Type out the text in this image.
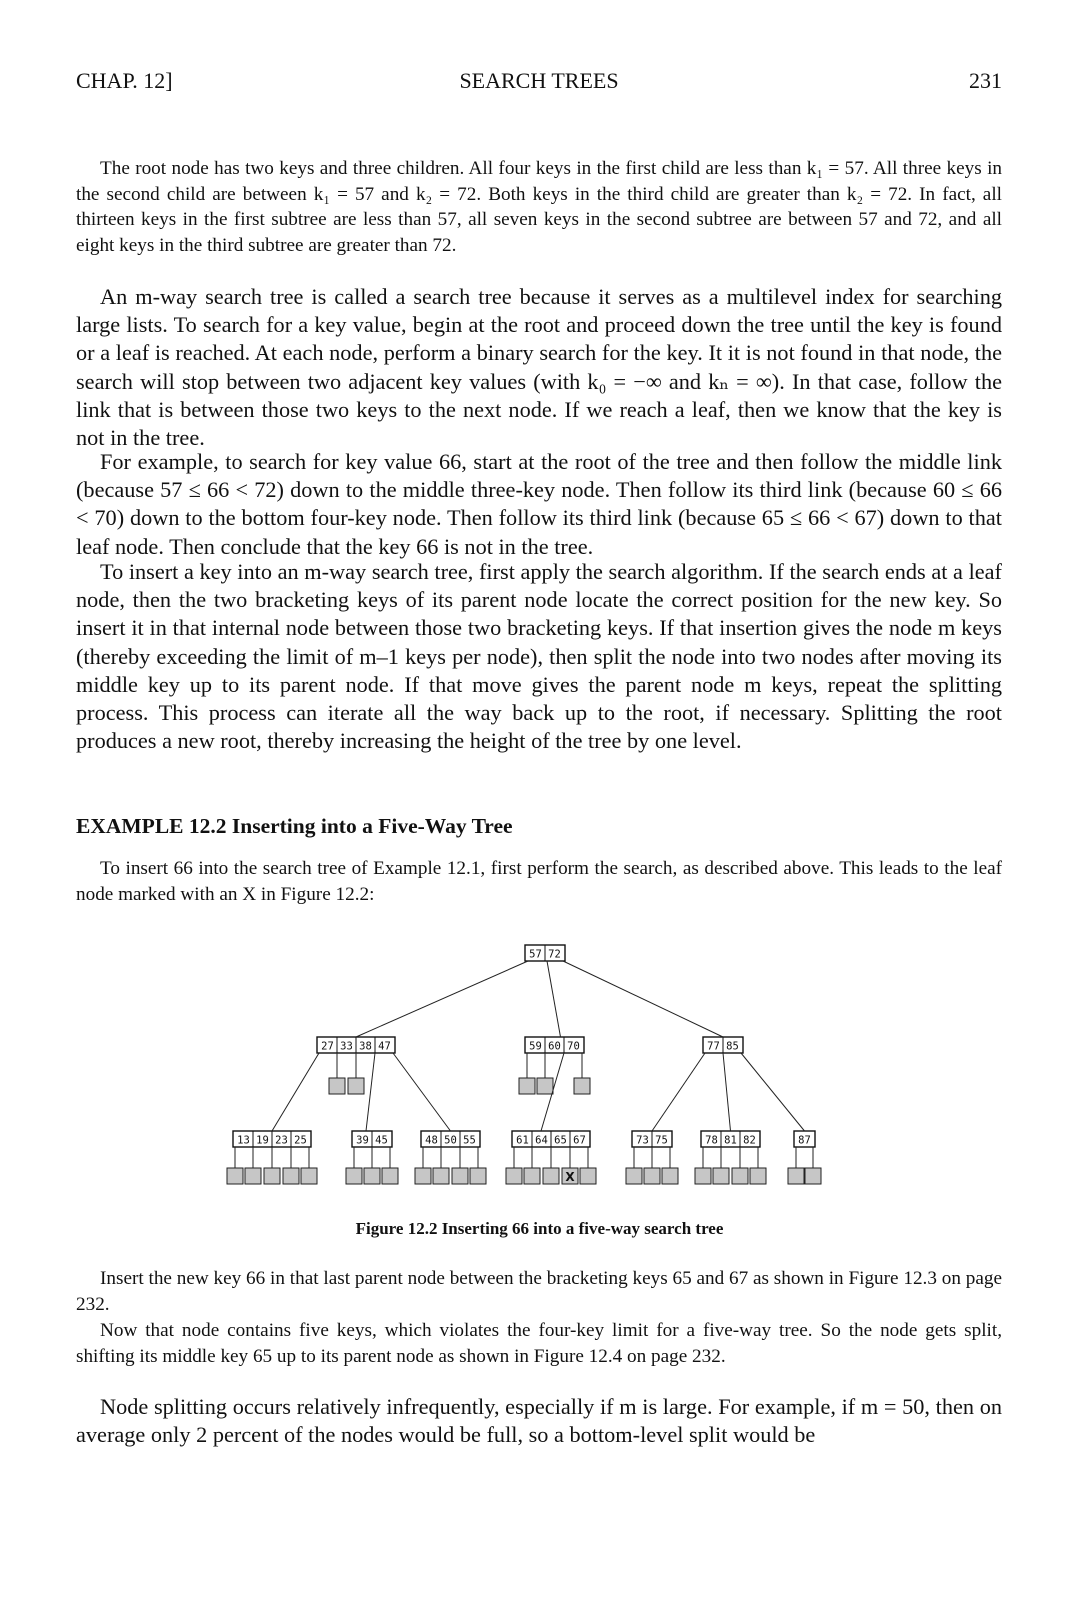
CHAP. 12]	SEARCH TREES	231

The root node has two keys and three children. All four keys in the first child are less than k₁ = 57. All three keys in the second child are between k₁ = 57 and k₂ = 72. Both keys in the third child are greater than k₂ = 72. In fact, all thirteen keys in the first subtree are less than 57, all seven keys in the second subtree are between 57 and 72, and all eight keys in the third subtree are greater than 72.

An m-way search tree is called a search tree because it serves as a multilevel index for searching large lists. To search for a key value, begin at the root and proceed down the tree until the key is found or a leaf is reached. At each node, perform a binary search for the key. It it is not found in that node, the search will stop between two adjacent key values (with k₀ = −∞ and kₙ = ∞). In that case, follow the link that is between those two keys to the next node. If we reach a leaf, then we know that the key is not in the tree.

For example, to search for key value 66, start at the root of the tree and then follow the middle link (because 57 ≤ 66 < 72) down to the middle three-key node. Then follow its third link (because 60 ≤ 66 < 70) down to the bottom four-key node. Then follow its third link (because 65 ≤ 66 < 67) down to that leaf node. Then conclude that the key 66 is not in the tree.

To insert a key into an m-way search tree, first apply the search algorithm. If the search ends at a leaf node, then the two bracketing keys of its parent node locate the correct position for the new key. So insert it in that internal node between those two bracketing keys. If that insertion gives the node m keys (thereby exceeding the limit of m–1 keys per node), then split the node into two nodes after moving its middle key up to its parent node. If that move gives the parent node m keys, repeat the splitting process. This process can iterate all the way back up to the root, if necessary. Splitting the root produces a new root, thereby increasing the height of the tree by one level.

EXAMPLE 12.2 Inserting into a Five-Way Tree

To insert 66 into the search tree of Example 12.1, first perform the search, as described above. This leads to the leaf node marked with an X in Figure 12.2:

57 72
27 33 38 47	59 60 70	77 85
13 19 23 25	39 45	48 50 55	61 64 65 67	73 75	78 81 82	87
X
Figure 12.2 Inserting 66 into a five-way search tree

Insert the new key 66 in that last parent node between the bracketing keys 65 and 67 as shown in Figure 12.3 on page 232.

Now that node contains five keys, which violates the four-key limit for a five-way tree. So the node gets split, shifting its middle key 65 up to its parent node as shown in Figure 12.4 on page 232.

Node splitting occurs relatively infrequently, especially if m is large. For example, if m = 50, then on average only 2 percent of the nodes would be full, so a bottom-level split would be
